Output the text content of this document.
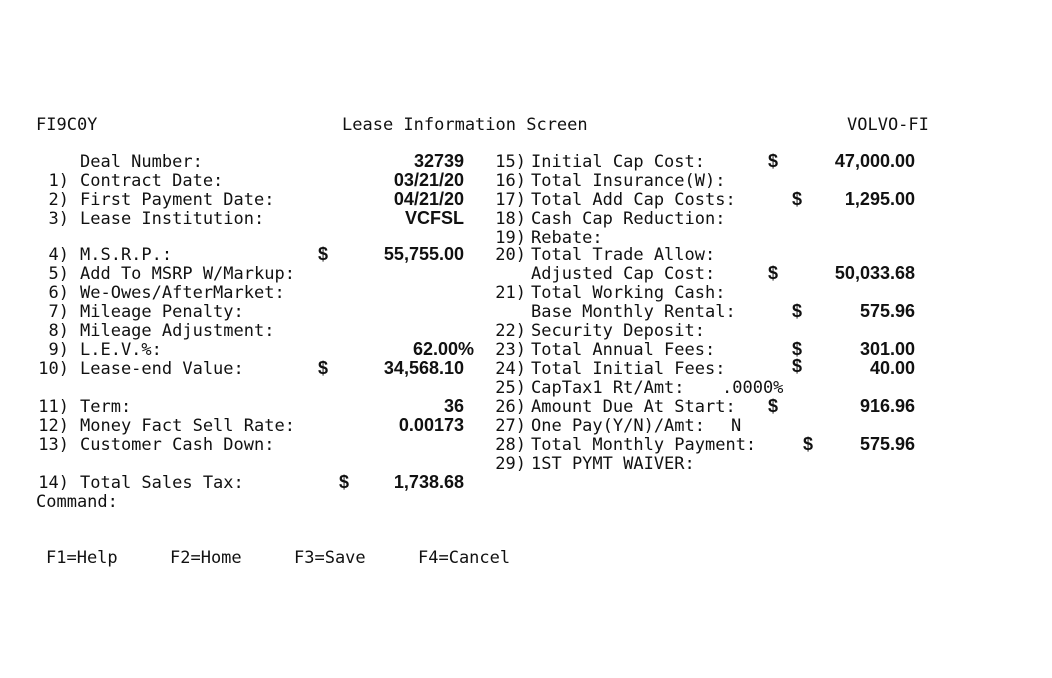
FI9C0Y	Lease Information Screen	VOLVO-FI
Deal Number:	32739
1) Contract Date:	03/21/20
2) First Payment Date:	04/21/20
3) Lease Institution:	VCFSL
4) M.S.R.P.:	$	55,755.00
5) Add To MSRP W/Markup:
6) We-Owes/AfterMarket:
7) Mileage Penalty:
8) Mileage Adjustment:
9) L.E.V.%:	62.00%
10) Lease-end Value:	$	34,568.10
11) Term:	36
12) Money Fact Sell Rate:	0.00173
13) Customer Cash Down:
14) Total Sales Tax:	$ 1,738.68
15) Initial Cap Cost:	$	47,000.00
16) Total Insurance(W):
17) Total Add Cap Costs:	$ 1,295.00
18) Cash Cap Reduction:
19) Rebate:
20) Total Trade Allow:
Adjusted Cap Cost:	$	50,033.68
21) Total Working Cash:
Base Monthly Rental:	$	575.96
22) Security Deposit:
23) Total Annual Fees:	$	301.00
24) Total Initial Fees:	$	40.00
25) CapTax1 Rt/Amt: .0000%
26) Amount Due At Start: $	916.96
27) One Pay(Y/N)/Amt: N
28) Total Monthly Payment:	$	575.96
29) 1ST PYMT WAIVER:
Command:
F1=Help	F2=Home	F3=Save	F4=Cancel
